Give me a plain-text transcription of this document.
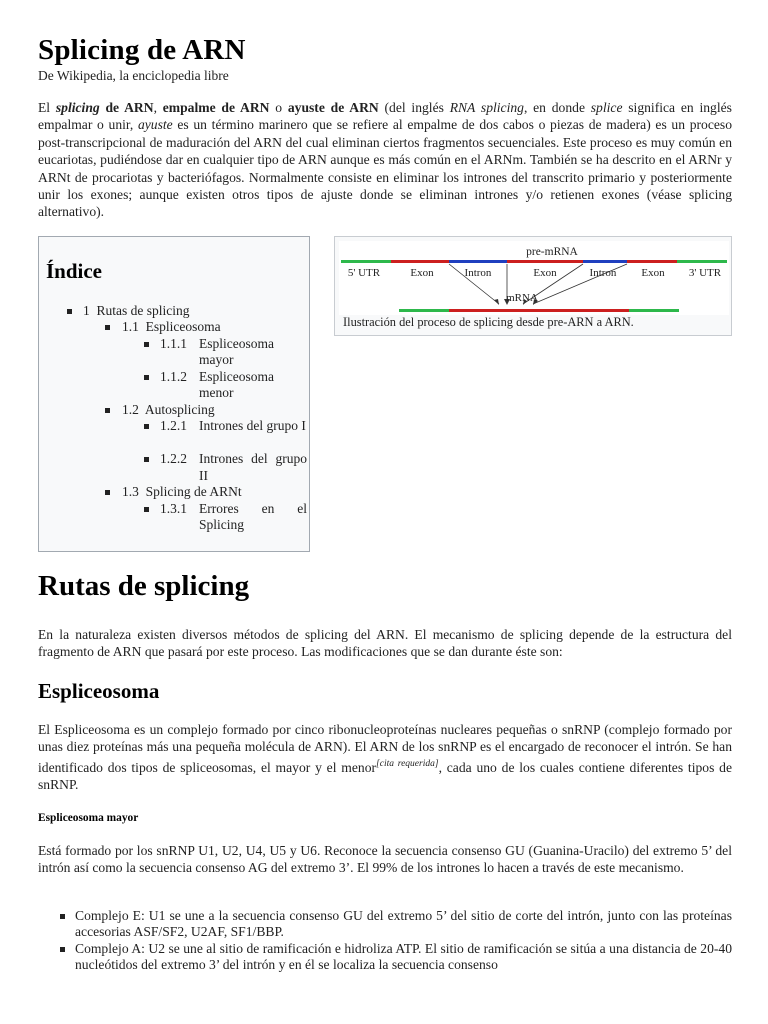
Splicing de ARN
De Wikipedia, la enciclopedia libre

El splicing de ARN, empalme de ARN o ayuste de ARN (del inglés RNA splicing, en donde splice significa en inglés empalmar o unir, ayuste es un término marinero que se refiere al empalme de dos cabos o piezas de madera) es un proceso post-transcripcional de maduración del ARN del cual eliminan ciertos fragmentos secuenciales. Este proceso es muy común en eucariotas, pudiéndose dar en cualquier tipo de ARN aunque es más común en el ARNm. También se ha descrito en el ARNr y ARNt de procariotas y bacteriófagos. Normalmente consiste en eliminar los intrones del transcrito primario y posteriormente unir los exones; aunque existen otros tipos de ajuste donde se eliminan intrones y/o retienen exones (véase splicing alternativo).

Índice
1 Rutas de splicing
1.1 Espliceosoma
1.1.1 Espliceosoma mayor
1.1.2 Espliceosoma menor
1.2 Autosplicing
1.2.1 Intrones del grupo I
1.2.2 Intrones del grupo II
1.3 Splicing de ARNt
1.3.1 Errores en el Splicing
pre-mRNA
5' UTR	Exon	Intron	Exon	Intron Exon 3' UTR
mRNA
Ilustración del proceso de splicing desde pre-ARN a ARN.
Rutas de splicing

En la naturaleza existen diversos métodos de splicing del ARN. El mecanismo de splicing depende de la estructura del fragmento de ARN que pasará por este proceso. Las modificaciones que se dan durante éste son:

Espliceosoma

El Espliceosoma es un complejo formado por cinco ribonucleoproteínas nucleares pequeñas o snRNP (complejo formado por unas diez proteínas más una pequeña molécula de ARN). El ARN de los snRNP es el encargado de reconocer el intrón. Se han identificado dos tipos de spliceosomas, el mayor y el menor[cita requerida], cada uno de los cuales contiene diferentes tipos de snRNP.

Espliceosoma mayor

Está formado por los snRNP U1, U2, U4, U5 y U6. Reconoce la secuencia consenso GU (Guanina-Uracilo) del extremo 5’ del intrón así como la secuencia consenso AG del extremo 3’. El 99% de los intrones lo hacen a través de este mecanismo.

Complejo E: U1 se une a la secuencia consenso GU del extremo 5’ del sitio de corte del intrón, junto con las proteínas accesorias ASF/SF2, U2AF, SF1/BBP.
Complejo A: U2 se une al sitio de ramificación e hidroliza ATP. El sitio de ramificación se sitúa a una distancia de 20-40 nucleótidos del extremo 3’ del intrón y en él se localiza la secuencia consenso
